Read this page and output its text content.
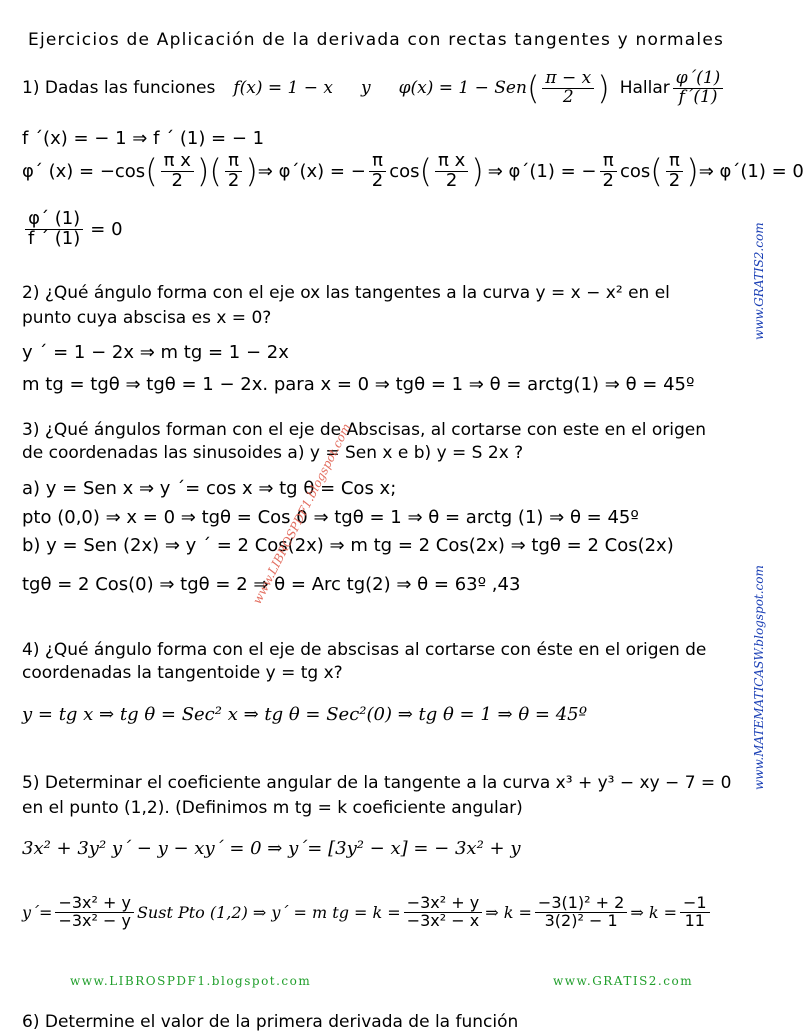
Ejercicios de Aplicación de la derivada con rectas tangentes y normales
1) Dadas las funciones f(x) = 1 − x y φ(x) = 1 − Sen ( $\frac{\pi - x}{2}$ ) Hallar $\frac{\varphi´(1)}{f´(1)}$
f ´(x) = − 1 ⇒ f ´ (1) = − 1
φ´ (x) = −cos ( $\frac{\text{π x}}{2}$ ) ( $\frac{\pi}{2}$ ) ⇒ φ´(x) = − $\frac{\pi}{2}$ cos ( $\frac{\text{π x}}{2}$ ) ⇒ φ´(1) = − $\frac{\pi}{2}$ cos ( $\frac{\pi}{2}$ ) ⇒ φ´(1) = 0
$\frac{\varphi´ (1)}{f ´ (1)} = 0$
2) ¿Qué ángulo forma con el eje ox las tangentes a la curva y = x − x² en el
punto cuya abscisa es x = 0?
y ´ = 1 − 2x ⇒ m tg = 1 − 2x
m tg = tgθ ⇒ tgθ = 1 − 2x. para x = 0 ⇒ tgθ = 1 ⇒ θ = arctg(1) ⇒ θ = 45º
3) ¿Qué ángulos forman con el eje de Abscisas, al cortarse con este en el origen
de coordenadas las sinusoides a) y = Sen x e b) y = S 2x ?
a) y = Sen x ⇒ y ´= cos x ⇒ tg θ = Cos x;
pto (0,0) ⇒ x = 0 ⇒ tgθ = Cos 0 ⇒ tgθ = 1 ⇒ θ = arctg (1) ⇒ θ = 45º
b) y = Sen (2x) ⇒ y ´ = 2 Cos(2x) ⇒ m tg = 2 Cos(2x) ⇒ tgθ = 2 Cos(2x)
tgθ = 2 Cos(0) ⇒ tgθ = 2 ⇒ θ = Arc tg(2) ⇒ θ = 63º ,43
4) ¿Qué ángulo forma con el eje de abscisas al cortarse con éste en el origen de
coordenadas la tangentoide y = tg x?
y = tg x ⇒ tg θ = Sec² x ⇒ tg θ = Sec²(0) ⇒ tg θ = 1 ⇒ θ = 45º
5) Determinar el coeficiente angular de la tangente a la curva x³ + y³ − xy − 7 = 0
en el punto (1,2). (Definimos m tg = k coeficiente angular)
3x² + 3y² y´ − y − xy´ = 0 ⇒ y´= [3y² − x] = − 3x² + y
y´= $\frac{\text{−3x² + y}}{\text{−3x² − y}}$ Sust Pto (1,2) ⇒ y´ = m tg = $k = \frac{\text{−3x² + y}}{\text{−3x² − x}}$ ⇒ $k = \frac{\text{−3(1)² + 2}}{\text{3(2)² − 1}}$ ⇒ $k = \frac{-1}{11}$
www.LIBROSPDF1.blogspot.com	www.GRATIS2.com
6) Determine el valor de la primera derivada de la función
www.GRATIS2.com
www.MATEMATICASW.blogspot.com
www.LIBROSPDF1.blogspot.com
